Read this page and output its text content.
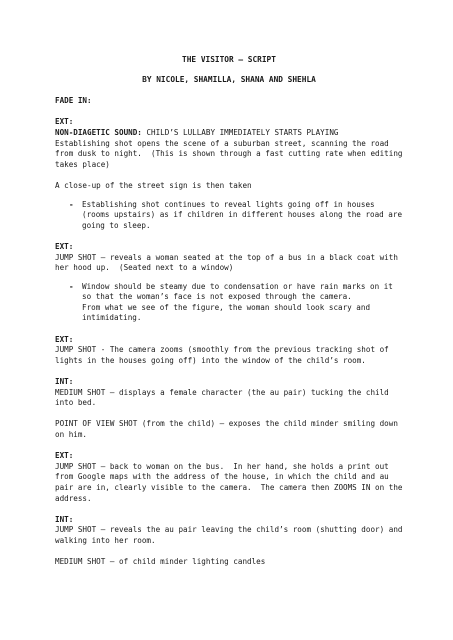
THE VISITOR – SCRIPT

BY NICOLE, SHAMILLA, SHANA AND SHEHLA

FADE IN:

EXT:

NON-DIAGETIC SOUND: CHILD’S LULLABY IMMEDIATELY STARTS PLAYING

Establishing shot opens the scene of a suburban street, scanning the road from dusk to night.  (This is shown through a fast cutting rate when editing takes place)

A close-up of the street sign is then taken

- Establishing shot continues to reveal lights going off in houses (rooms upstairs) as if children in different houses along the road are going to sleep.

EXT:

JUMP SHOT – reveals a woman seated at the top of a bus in a black coat with her hood up.  (Seated next to a window)

- Window should be steamy due to condensation or have rain marks on it so that the woman’s face is not exposed through the camera.

From what we see of the figure, the woman should look scary and intimidating.

EXT:

JUMP SHOT - The camera zooms (smoothly from the previous tracking shot of lights in the houses going off) into the window of the child’s room.

INT:

MEDIUM SHOT – displays a female character (the au pair) tucking the child into bed.

POINT OF VIEW SHOT (from the child) – exposes the child minder smiling down on him.

EXT:

JUMP SHOT – back to woman on the bus.  In her hand, she holds a print out from Google maps with the address of the house, in which the child and au pair are in, clearly visible to the camera.  The camera then ZOOMS IN on the address.

INT:

JUMP SHOT – reveals the au pair leaving the child’s room (shutting door) and walking into her room.

MEDIUM SHOT – of child minder lighting candles
